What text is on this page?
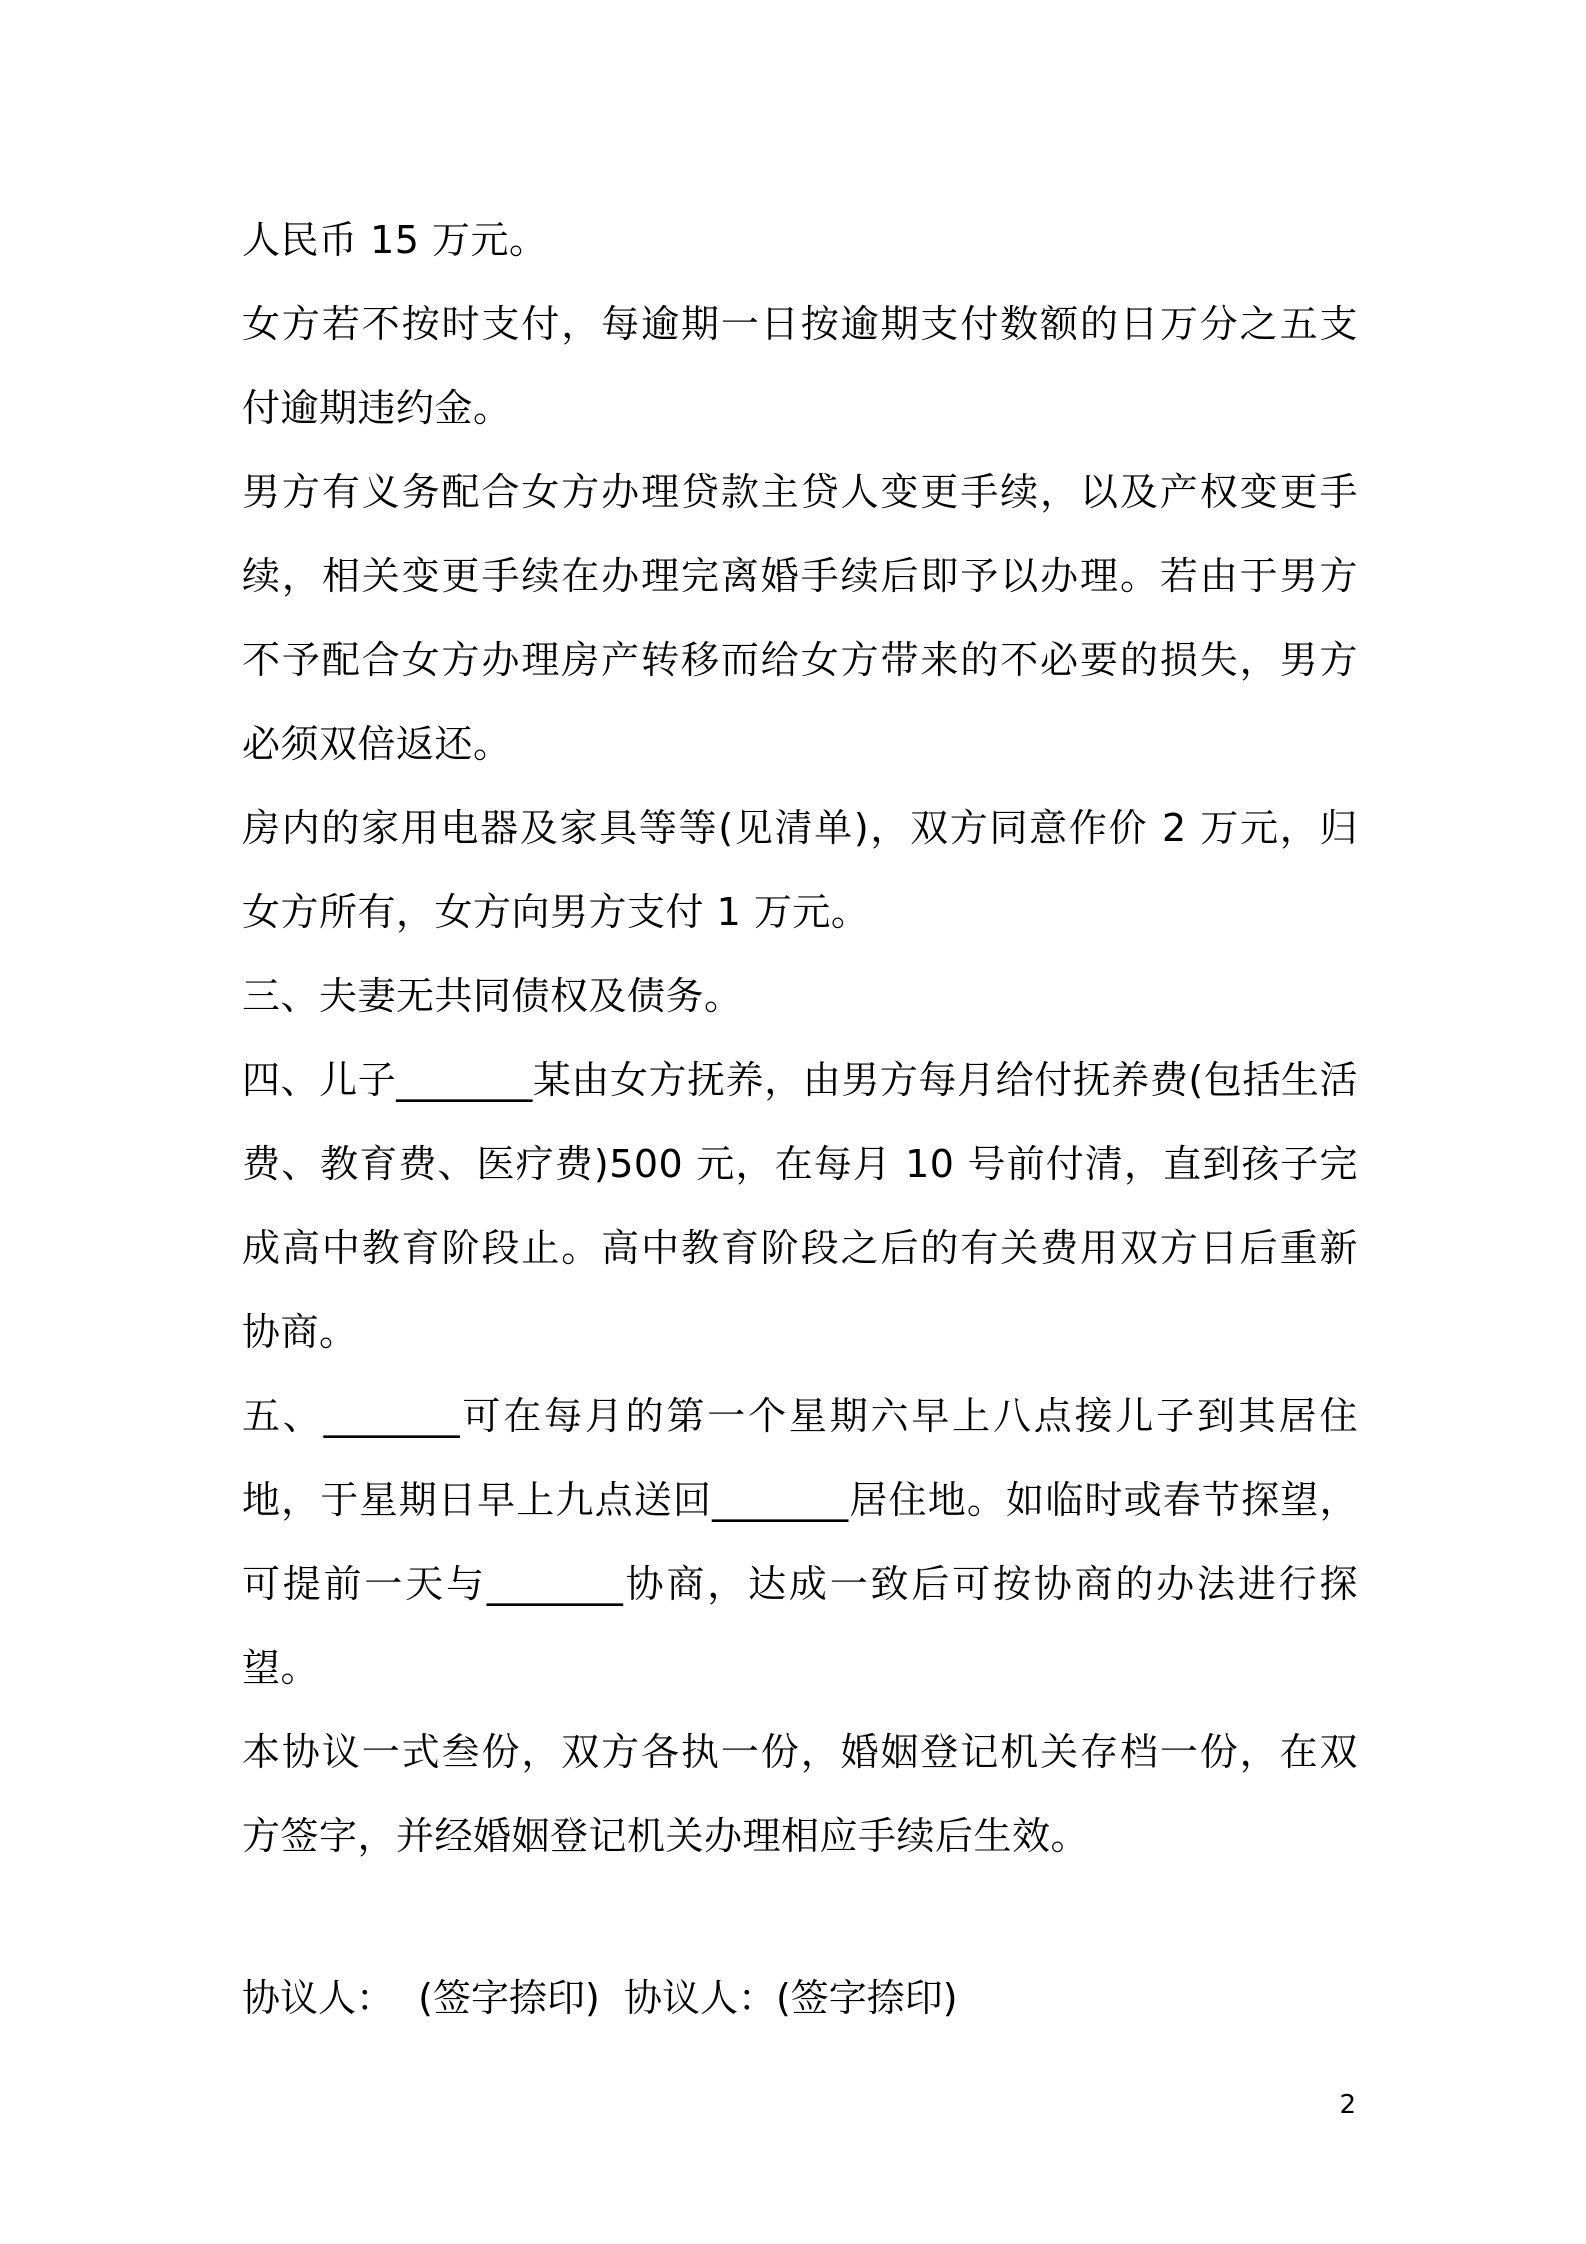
人民币 15 万元。

女方若不按时支付，每逾期一日按逾期支付数额的日万分之五支付逾期违约金。

男方有义务配合女方办理贷款主贷人变更手续，以及产权变更手续，相关变更手续在办理完离婚手续后即予以办理。若由于男方不予配合女方办理房产转移而给女方带来的不必要的损失，男方必须双倍返还。

房内的家用电器及家具等等(见清单)，双方同意作价 2 万元，归女方所有，女方向男方支付 1 万元。

三、夫妻无共同债权及债务。

四、儿子_______某由女方抚养，由男方每月给付抚养费(包括生活费、教育费、医疗费)500 元，在每月 10 号前付清，直到孩子完成高中教育阶段止。高中教育阶段之后的有关费用双方日后重新协商。

五、_______可在每月的第一个星期六早上八点接儿子到其居住地，于星期日早上九点送回_______居住地。如临时或春节探望，可提前一天与_______协商，达成一致后可按协商的办法进行探望。

本协议一式叁份，双方各执一份，婚姻登记机关存档一份，在双方签字，并经婚姻登记机关办理相应手续后生效。

协议人：  (签字捺印)  协议人：(签字捺印)

2
